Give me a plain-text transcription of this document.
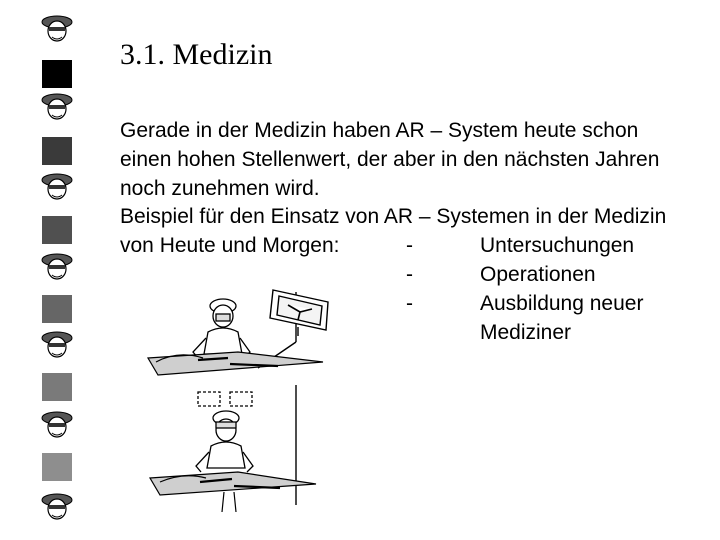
3.1. Medizin
Gerade in der Medizin haben AR – System heute schon
einen hohen Stellenwert, der aber in den nächsten Jahren
noch zunehmen wird.
Beispiel für den Einsatz von AR – Systemen in der Medizin
von Heute und Morgen:	-	Untersuchungen
-	Operationen
-	Ausbildung neuer
Mediziner
